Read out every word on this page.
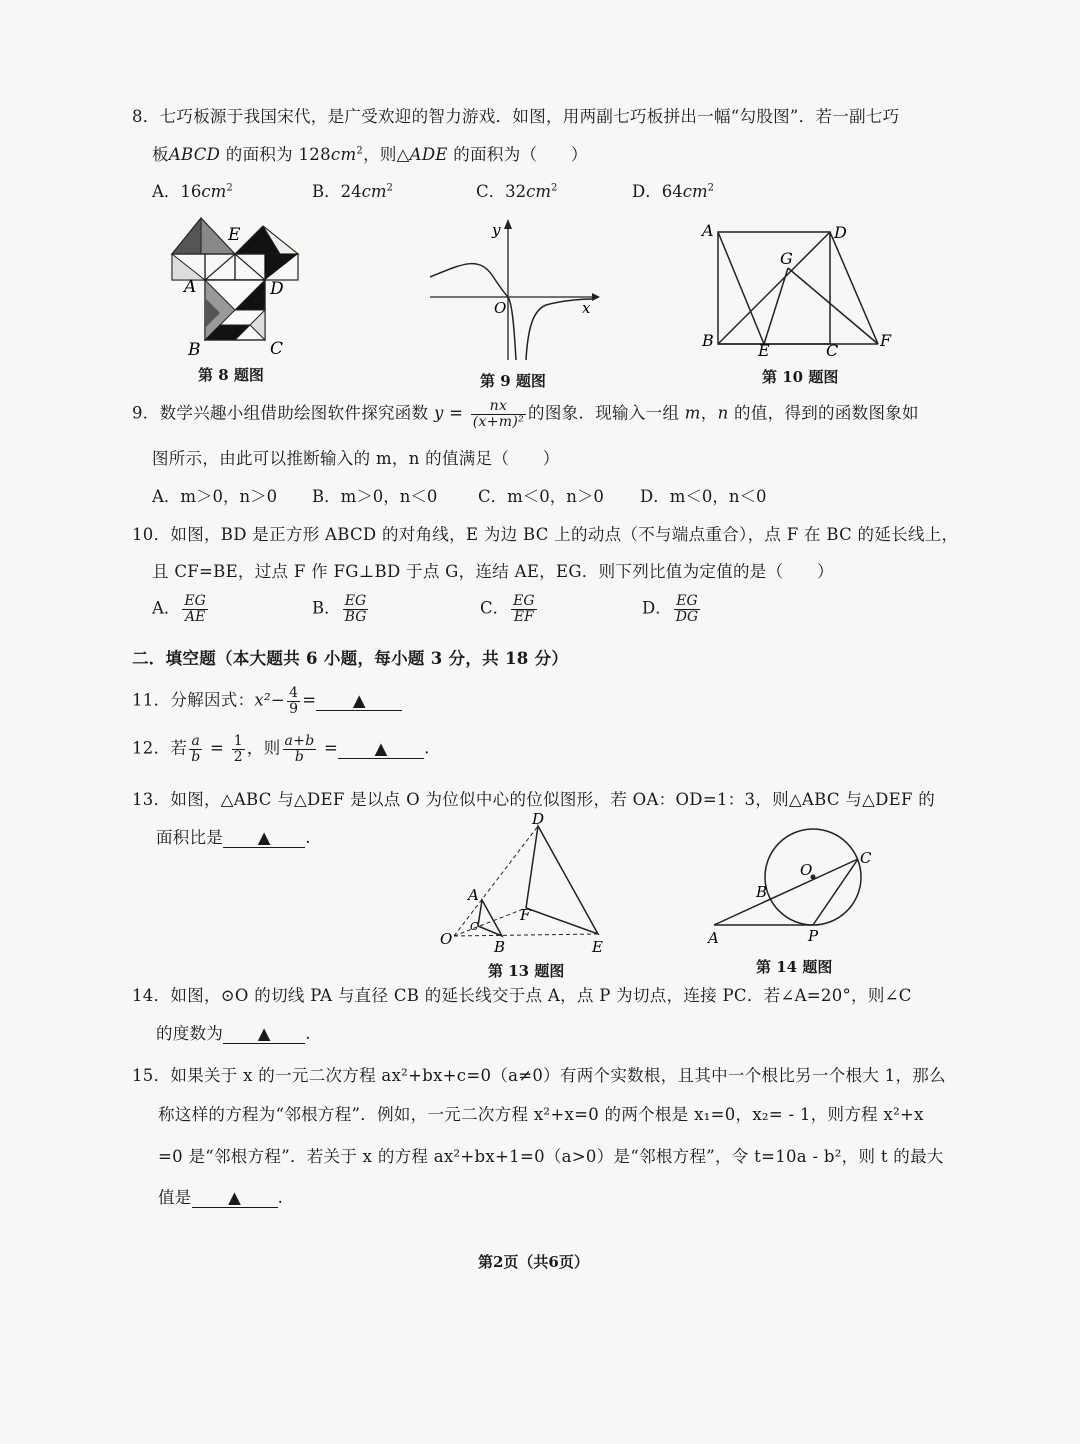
8．七巧板源于我国宋代，是广受欢迎的智力游戏．如图，用两副七巧板拼出一幅“勾股图”．若一副七巧
板ABCD 的面积为 $128cm^2$，则△ADE 的面积为（　　）
A．$16cm^2$	B．$24cm^2$	C．$32cm^2$	D．$64cm^2$
E
A	D
B	C
第 8 题图
y
O	x
第 9 题图
A	D
G
B
E	C
F
第 10 题图
9．数学兴趣小组借助绘图软件探究函数 $y = \frac{nx}{\text{(x+m)²}}$ 的图象．现输入一组 m，n 的值，得到的函数图象如
图所示，由此可以推断输入的 m，n 的值满足（　　）
A．m＞0，n＞0 B．m＞0，n＜0 C．m＜0，n＞0 D．m＜0，n＜0
10．如图，BD 是正方形 ABCD 的对角线，E 为边 BC 上的动点（不与端点重合），点 F 在 BC 的延长线上，
且 CF=BE，过点 F 作 FG⊥BD 于点 G，连结 AE，EG．则下列比值为定值的是（　　）
A． $\frac{EG}{AE}$	B． $\frac{EG}{BG}$	C． $\frac{EG}{EF}$	D． $\frac{EG}{DG}$
二．填空题（本大题共 6 小题，每小题 3 分，共 18 分）
11．分解因式：$x^2- \frac{4}{9}$ = ▲
12．若 $\frac{a}{b} = \frac{1}{2}$ ，则 $\frac{a+b}{b}$ = ▲ .
13．如图，△ABC 与△DEF 是以点 O 为位似中心的位似图形，若 OA：OD=1：3，则△ABC 与△DEF 的
面积比是 ▲ .
D
A
F
O	B	E
C
第 13 题图
O
C
B
A	P
第 14 题图
14．如图，⊙O 的切线 PA 与直径 CB 的延长线交于点 A，点 P 为切点，连接 PC．若∠A=20°，则∠C
的度数为 ▲ .
15．如果关于 x 的一元二次方程 ax²+bx+c=0（a≠0）有两个实数根，且其中一个根比另一个根大 1，那么
称这样的方程为“邻根方程”．例如，一元二次方程 x²+x=0 的两个根是 x₁=0，x₂= - 1，则方程 x²+x
=0 是“邻根方程”．若关于 x 的方程 ax²+bx+1=0（a>0）是“邻根方程”，令 t=10a - b²，则 t 的最大
值是 ▲ .
第2页（共6页）
